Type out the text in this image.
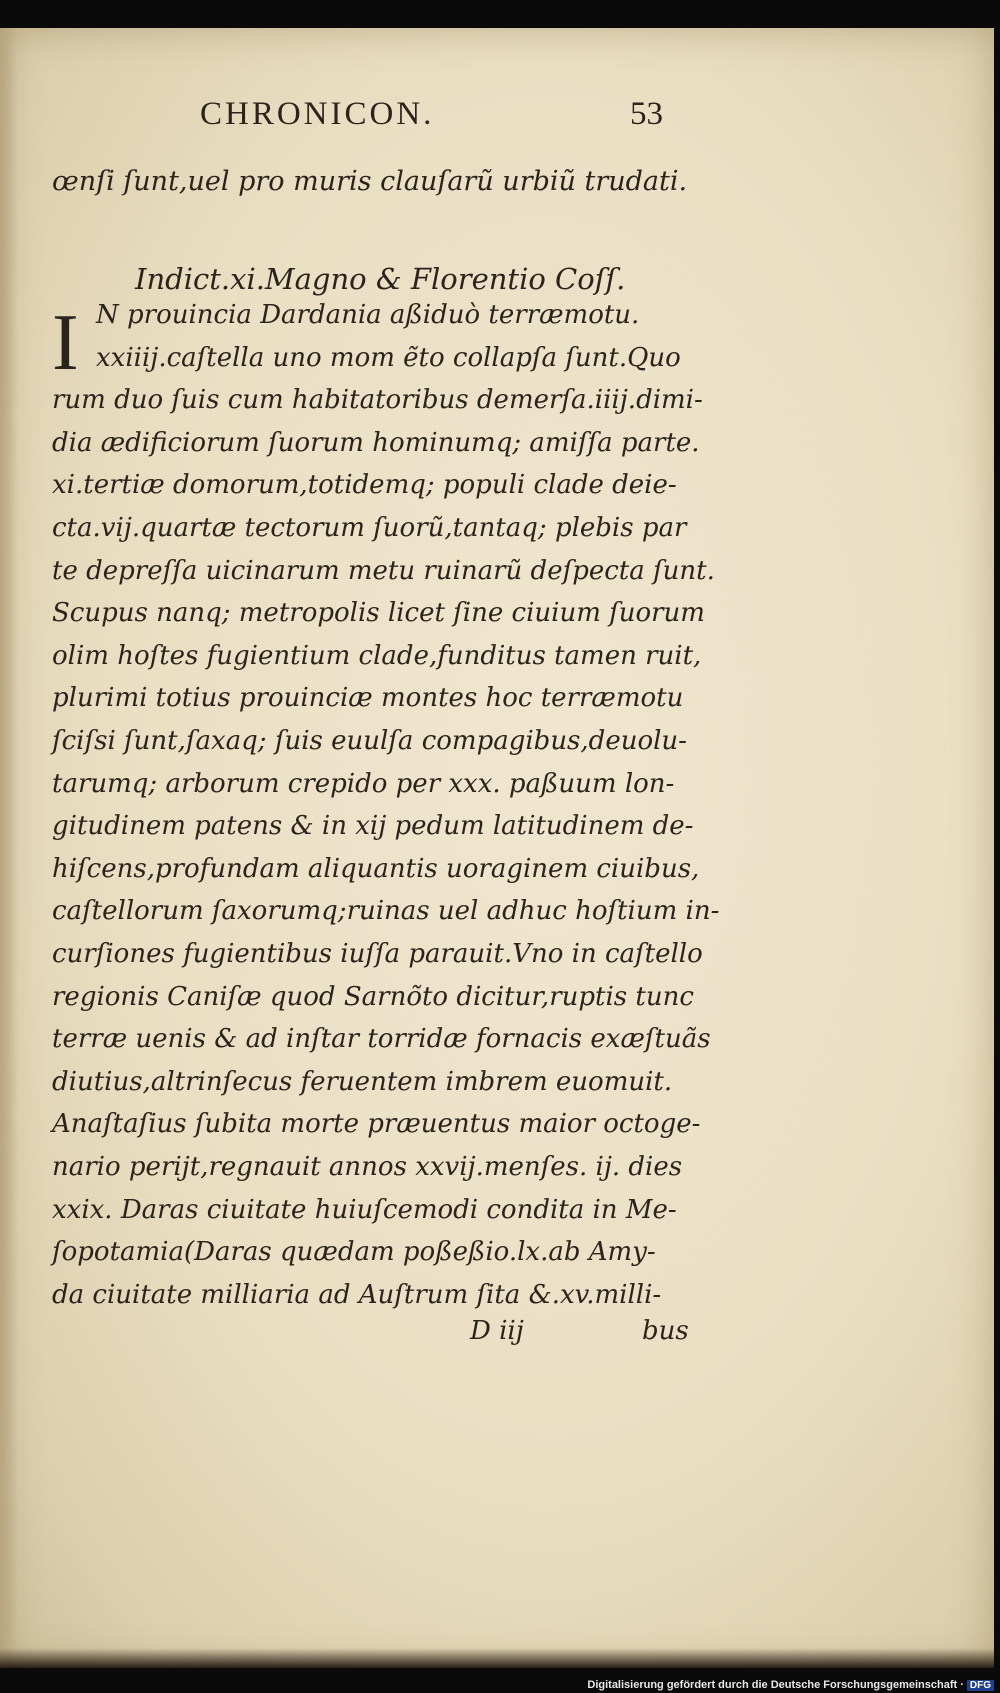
CHRONICON.	53
œnſi ſunt,uel pro muris clauſarũ urbiũ trudati.
Indict.xi.Magno & Florentio Coſſ.
I N prouincia Dardania aßiduò terræmotu.
xxiiij.caſtella uno mom ẽto collapſa ſunt.Quo
rum duo ſuis cum habitatoribus demerſa.iiij.dimi-
dia ædificiorum ſuorum hominumq; amiſſa parte.
xi.tertiæ domorum,totidemq; populi clade deie-
cta.vij.quartæ tectorum ſuorũ,tantaq; plebis par
te depreſſa uicinarum metu ruinarũ deſpecta ſunt.
Scupus nanq; metropolis licet ſine ciuium ſuorum
olim hoſtes fugientium clade,funditus tamen ruit,
plurimi totius prouinciæ montes hoc terræmotu
ſciſsi ſunt,ſaxaq; ſuis euulſa compagibus,deuolu-
tarumq; arborum crepido per xxx. paßuum lon-
gitudinem patens & in xij pedum latitudinem de-
hiſcens,profundam aliquantis uoraginem ciuibus,
caſtellorum ſaxorumq;ruinas uel adhuc hoſtium in-
curſiones fugientibus iuſſa parauit.Vno in caſtello
regionis Caniſæ quod Sarnõto dicitur,ruptis tunc
terræ uenis & ad inſtar torridæ fornacis exæſtuãs
diutius,altrinſecus feruentem imbrem euomuit.
Anaſtaſius ſubita morte præuentus maior octoge-
nario perijt,regnauit annos xxvij.menſes. ij. dies
xxix. Daras ciuitate huiuſcemodi condita in Me-
ſopotamia(Daras quædam poßeßio.lx.ab Amy-
da ciuitate milliaria ad Auſtrum ſita &.xv.milli-
D iij	bus
Digitalisierung gefördert durch die Deutsche Forschungsgemeinschaft · DFG
